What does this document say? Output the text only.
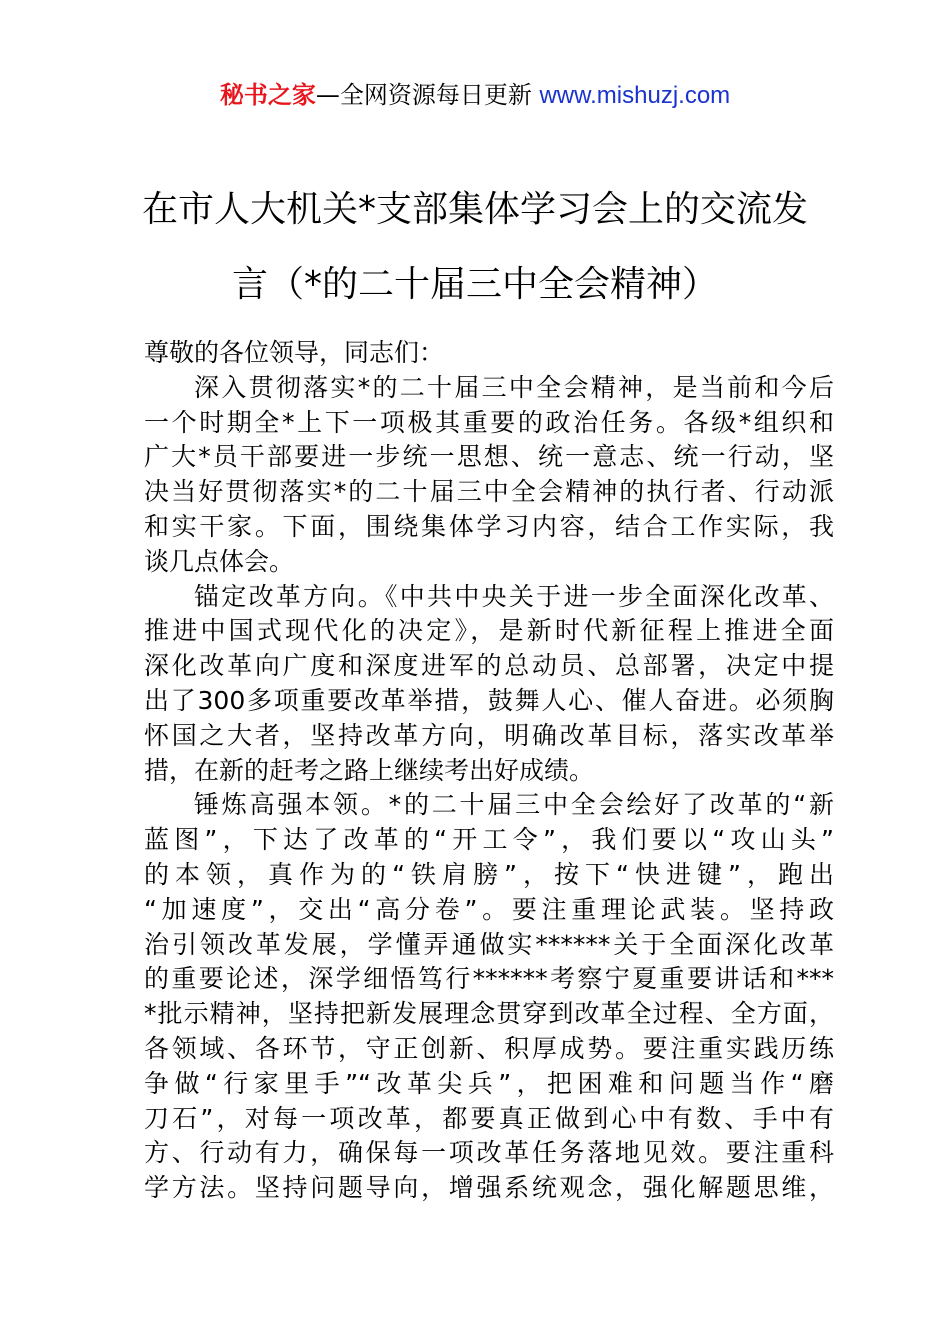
秘书之家—全网资源每日更新 www.mishuzj.com
在市人大机关*支部集体学习会上的交流发
言（*的二十届三中全会精神）
尊敬的各位领导，同志们：
深入贯彻落实*的二十届三中全会精神，是当前和今后
一个时期全*上下一项极其重要的政治任务。各级*组织和
广大*员干部要进一步统一思想、统一意志、统一行动，坚
决当好贯彻落实*的二十届三中全会精神的执行者、行动派
和实干家。下面，围绕集体学习内容，结合工作实际，我
谈几点体会。
锚定改革方向。《中共中央关于进一步全面深化改革、
推进中国式现代化的决定》，是新时代新征程上推进全面
深化改革向广度和深度进军的总动员、总部署，决定中提
出了300多项重要改革举措，鼓舞人心、催人奋进。必须胸
怀国之大者，坚持改革方向，明确改革目标，落实改革举
措，在新的赶考之路上继续考出好成绩。
锤炼高强本领。*的二十届三中全会绘好了改革的“新
蓝图”，下达了改革的“开工令”，我们要以“攻山头”
的本领，真作为的“铁肩膀”，按下“快进键”，跑出
“加速度”，交出“高分卷”。要注重理论武装。坚持政
治引领改革发展，学懂弄通做实******关于全面深化改革
的重要论述，深学细悟笃行******考察宁夏重要讲话和***
*批示精神，坚持把新发展理念贯穿到改革全过程、全方面，
各领域、各环节，守正创新、积厚成势。要注重实践历练
争做“行家里手”“改革尖兵”，把困难和问题当作“磨
刀石”，对每一项改革，都要真正做到心中有数、手中有
方、行动有力，确保每一项改革任务落地见效。要注重科
学方法。坚持问题导向，增强系统观念，强化解题思维，
